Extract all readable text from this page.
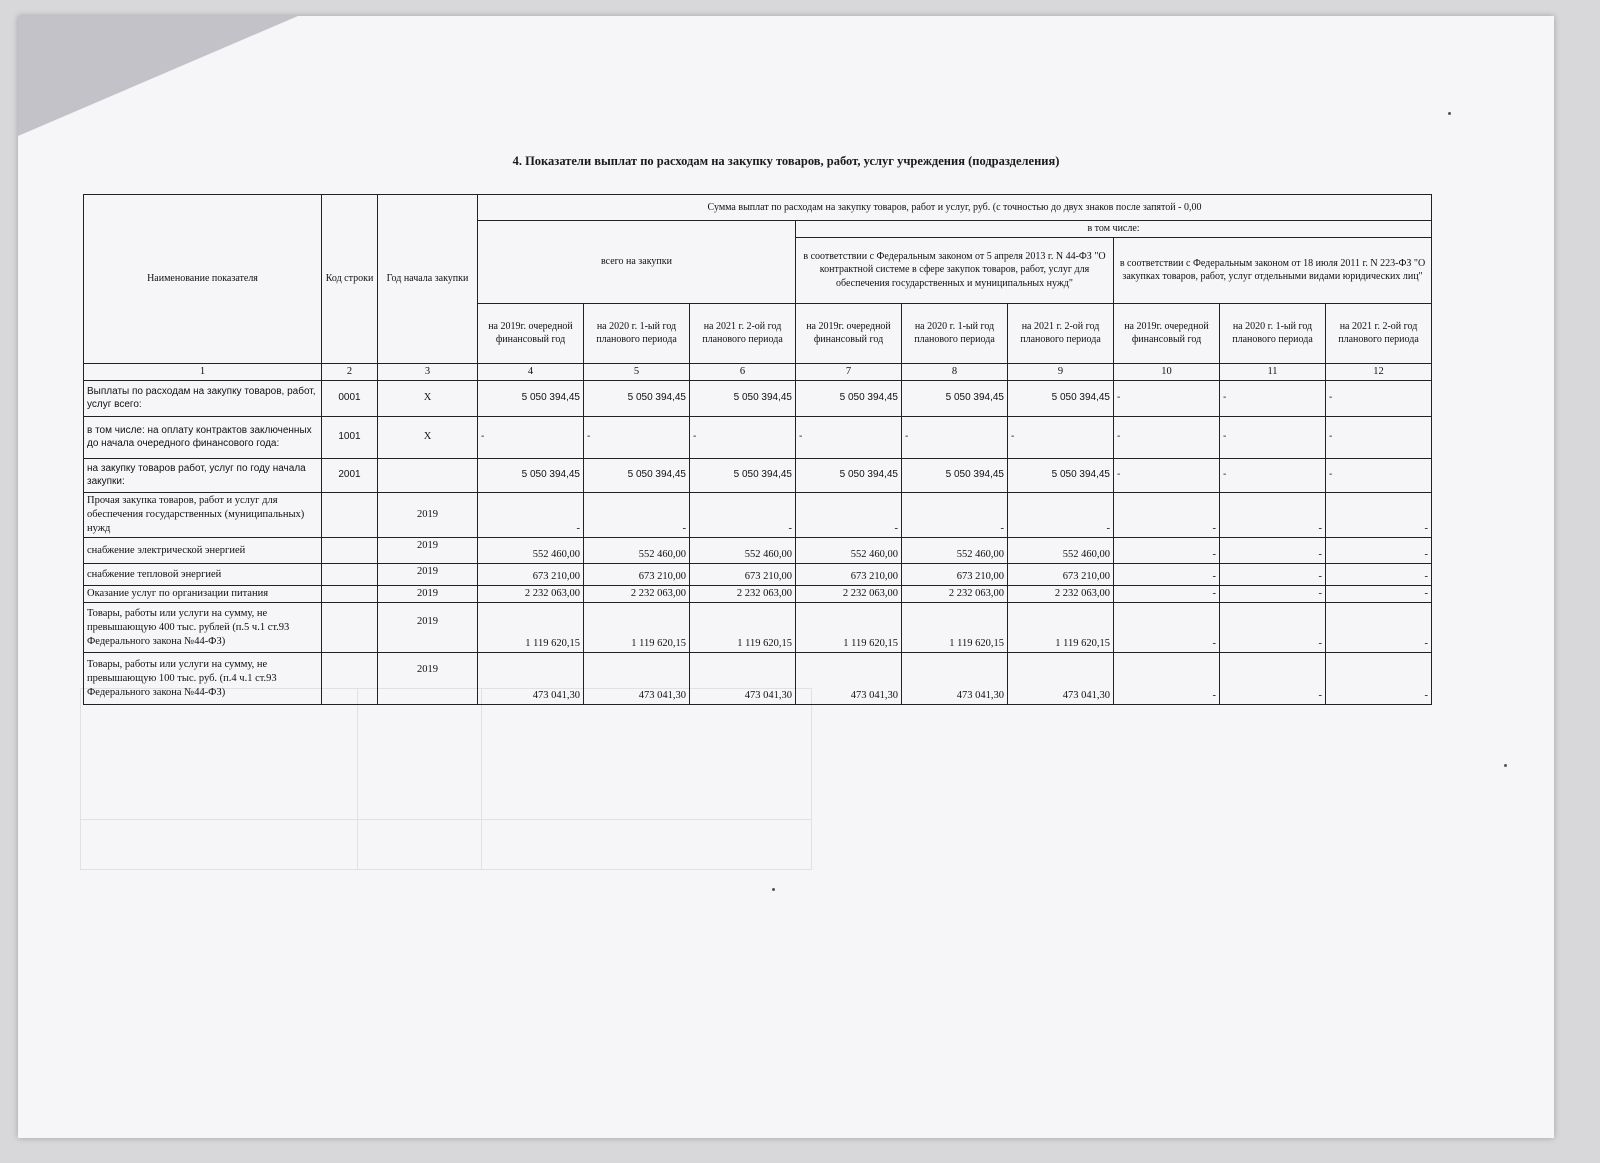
4. Показатели выплат по расходам на закупку товаров, работ, услуг учреждения (подразделения)
Наименование показателя	Код строки	Год начала закупки	Сумма выплат по расходам на закупку товаров, работ и услуг, руб. (с точностью до двух знаков после запятой - 0,00								
			всего на закупки			в том числе:					
						в соответствии с Федеральным законом от 5 апреля 2013 г. N 44-ФЗ "О контрактной системе в сфере закупок товаров, работ, услуг для обеспечения государственных и муниципальных нужд"			в соответствии с Федеральным законом от 18 июля 2011 г. N 223-ФЗ "О закупках товаров, работ, услуг отдельными видами юридических лиц"		
			на 2019г. очередной финансовый год	на 2020 г. 1-ый год планового периода	на 2021 г. 2-ой год планового периода	на 2019г. очередной финансовый год	на 2020 г. 1-ый год планового периода	на 2021 г. 2-ой год планового периода	на 2019г. очередной финансовый год	на 2020 г. 1-ый год планового периода	на 2021 г. 2-ой год планового периода
1	2	3	4	5	6	7	8	9	10	11	12
Выплаты по расходам на закупку товаров, работ, услуг всего:	0001	X	5 050 394,45	5 050 394,45	5 050 394,45	5 050 394,45	5 050 394,45	5 050 394,45	-	-	-
в том числе: на оплату контрактов заключенных до начала очередного финансового года:	1001	X	-	-	-	-	-	-	-	-	-
на закупку товаров работ, услуг по году начала закупки:	2001		5 050 394,45	5 050 394,45	5 050 394,45	5 050 394,45	5 050 394,45	5 050 394,45	-	-	-
Прочая закупка товаров, работ и услуг для обеспечения государственных (муниципальных) нужд		2019	-	-	-	-	-	-	-	-	-
снабжение электрической энергией		2019	552 460,00	552 460,00	552 460,00	552 460,00	552 460,00	552 460,00	-	-	-
снабжение тепловой энергией		2019	673 210,00	673 210,00	673 210,00	673 210,00	673 210,00	673 210,00	-	-	-
Оказание услуг по организации питания		2019	2 232 063,00	2 232 063,00	2 232 063,00	2 232 063,00	2 232 063,00	2 232 063,00	-	-	-
Товары, работы или услуги на сумму, не превышающую 400 тыс. рублей (п.5 ч.1 ст.93 Федерального закона №44-ФЗ)		2019	1 119 620,15	1 119 620,15	1 119 620,15	1 119 620,15	1 119 620,15	1 119 620,15	-	-	-
Товары, работы или услуги на сумму, не превышающую 100 тыс. руб. (п.4 ч.1 ст.93 Федерального закона №44-ФЗ)		2019	473 041,30	473 041,30	473 041,30	473 041,30	473 041,30	473 041,30	-	-	-
